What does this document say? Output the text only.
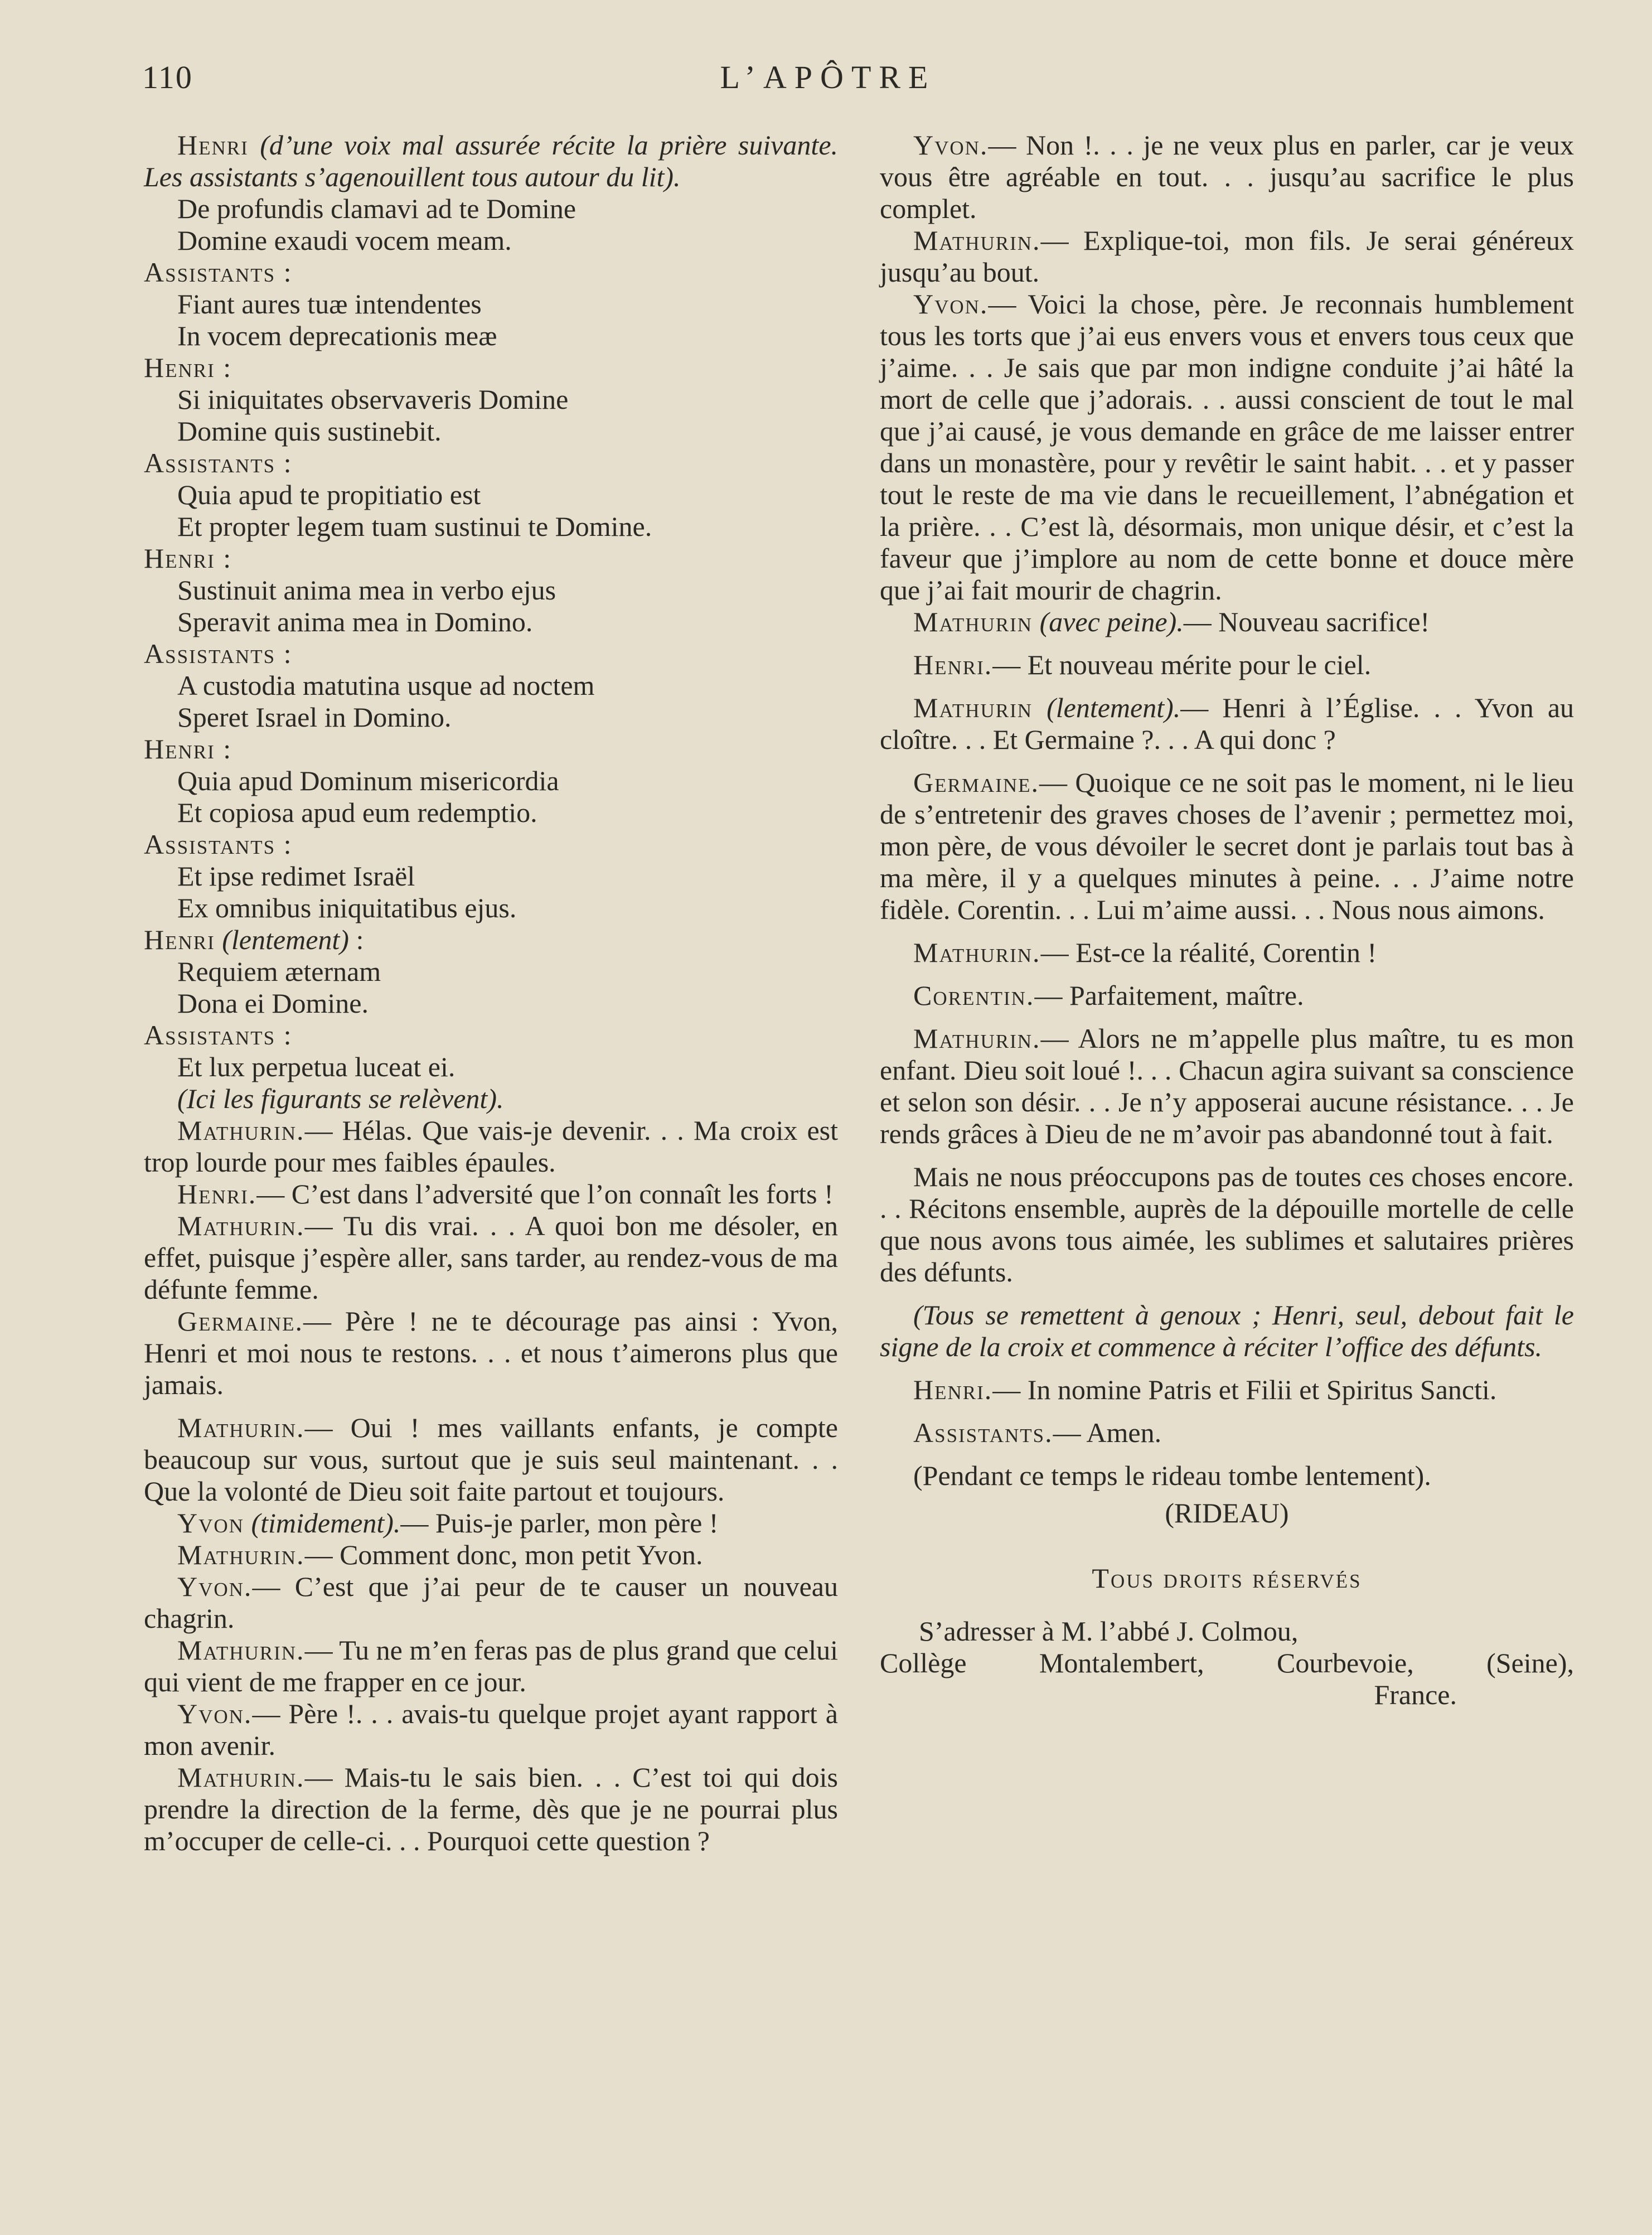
110	L’APÔTRE

Henri (d’une voix mal assurée récite la prière suivante. Les assistants s’agenouillent tous autour du lit).

De profundis clamavi ad te Domine

Domine exaudi vocem meam.

Assistants :

Fiant aures tuæ intendentes

In vocem deprecationis meæ

Henri :

Si iniquitates observaveris Domine

Domine quis sustinebit.

Assistants :

Quia apud te propitiatio est

Et propter legem tuam sustinui te Domine.

Henri :

Sustinuit anima mea in verbo ejus

Speravit anima mea in Domino.

Assistants :

A custodia matutina usque ad noctem

Speret Israel in Domino.

Henri :

Quia apud Dominum misericordia

Et copiosa apud eum redemptio.

Assistants :

Et ipse redimet Israël

Ex omnibus iniquitatibus ejus.

Henri (lentement) :

Requiem æternam

Dona ei Domine.

Assistants :

Et lux perpetua luceat ei.

(Ici les figurants se relèvent).

Mathurin.— Hélas. Que vais-je devenir. . . Ma croix est trop lourde pour mes faibles épaules.

Henri.— C’est dans l’adversité que l’on connaît les forts !

Mathurin.— Tu dis vrai. . . A quoi bon me désoler, en effet, puisque j’espère aller, sans tarder, au rendez-vous de ma défunte femme.

Germaine.— Père ! ne te décourage pas ainsi : Yvon, Henri et moi nous te restons. . . et nous t’aimerons plus que jamais.

Mathurin.— Oui ! mes vaillants enfants, je compte beaucoup sur vous, surtout que je suis seul maintenant. . . Que la volonté de Dieu soit faite partout et toujours.

Yvon (timidement).— Puis-je parler, mon père !

Mathurin.— Comment donc, mon petit Yvon.

Yvon.— C’est que j’ai peur de te causer un nouveau chagrin.

Mathurin.— Tu ne m’en feras pas de plus grand que celui qui vient de me frapper en ce jour.

Yvon.— Père !. . . avais-tu quelque projet ayant rapport à mon avenir.

Mathurin.— Mais-tu le sais bien. . . C’est toi qui dois prendre la direction de la ferme, dès que je ne pourrai plus m’occuper de celle-ci. . . Pourquoi cette question ?

Yvon.— Non !. . . je ne veux plus en parler, car je veux vous être agréable en tout. . . jusqu’au sacrifice le plus complet.

Mathurin.— Explique-toi, mon fils. Je serai généreux jusqu’au bout.

Yvon.— Voici la chose, père. Je reconnais humblement tous les torts que j’ai eus envers vous et envers tous ceux que j’aime. . . Je sais que par mon indigne conduite j’ai hâté la mort de celle que j’adorais. . . aussi conscient de tout le mal que j’ai causé, je vous demande en grâce de me laisser entrer dans un monastère, pour y revêtir le saint habit. . . et y passer tout le reste de ma vie dans le recueillement, l’abnégation et la prière. . . C’est là, désormais, mon unique désir, et c’est la faveur que j’implore au nom de cette bonne et douce mère que j’ai fait mourir de chagrin.

Mathurin (avec peine).— Nouveau sacrifice!

Henri.— Et nouveau mérite pour le ciel.

Mathurin (lentement).— Henri à l’Église. . . Yvon au cloître. . . Et Germaine ?. . . A qui donc ?

Germaine.— Quoique ce ne soit pas le moment, ni le lieu de s’entretenir des graves choses de l’avenir ; permettez moi, mon père, de vous dévoiler le secret dont je parlais tout bas à ma mère, il y a quelques minutes à peine. . . J’aime notre fidèle. Corentin. . . Lui m’aime aussi. . . Nous nous aimons.

Mathurin.— Est-ce la réalité, Corentin !

Corentin.— Parfaitement, maître.

Mathurin.— Alors ne m’appelle plus maître, tu es mon enfant. Dieu soit loué !. . . Chacun agira suivant sa conscience et selon son désir. . . Je n’y apposerai aucune résistance. . . Je rends grâces à Dieu de ne m’avoir pas abandonné tout à fait.

Mais ne nous préoccupons pas de toutes ces choses encore. . . Récitons ensemble, auprès de la dépouille mortelle de celle que nous avons tous aimée, les sublimes et salutaires prières des défunts.

(Tous se remettent à genoux ; Henri, seul, debout fait le signe de la croix et commence à réciter l’office des défunts.

Henri.— In nomine Patris et Filii et Spiritus Sancti.

Assistants.— Amen.

(Pendant ce temps le rideau tombe lentement).

(RIDEAU)

Tous droits réservés

S’adresser à M. l’abbé J. Colmou,

Collège Montalembert, Courbevoie, (Seine),

France.
